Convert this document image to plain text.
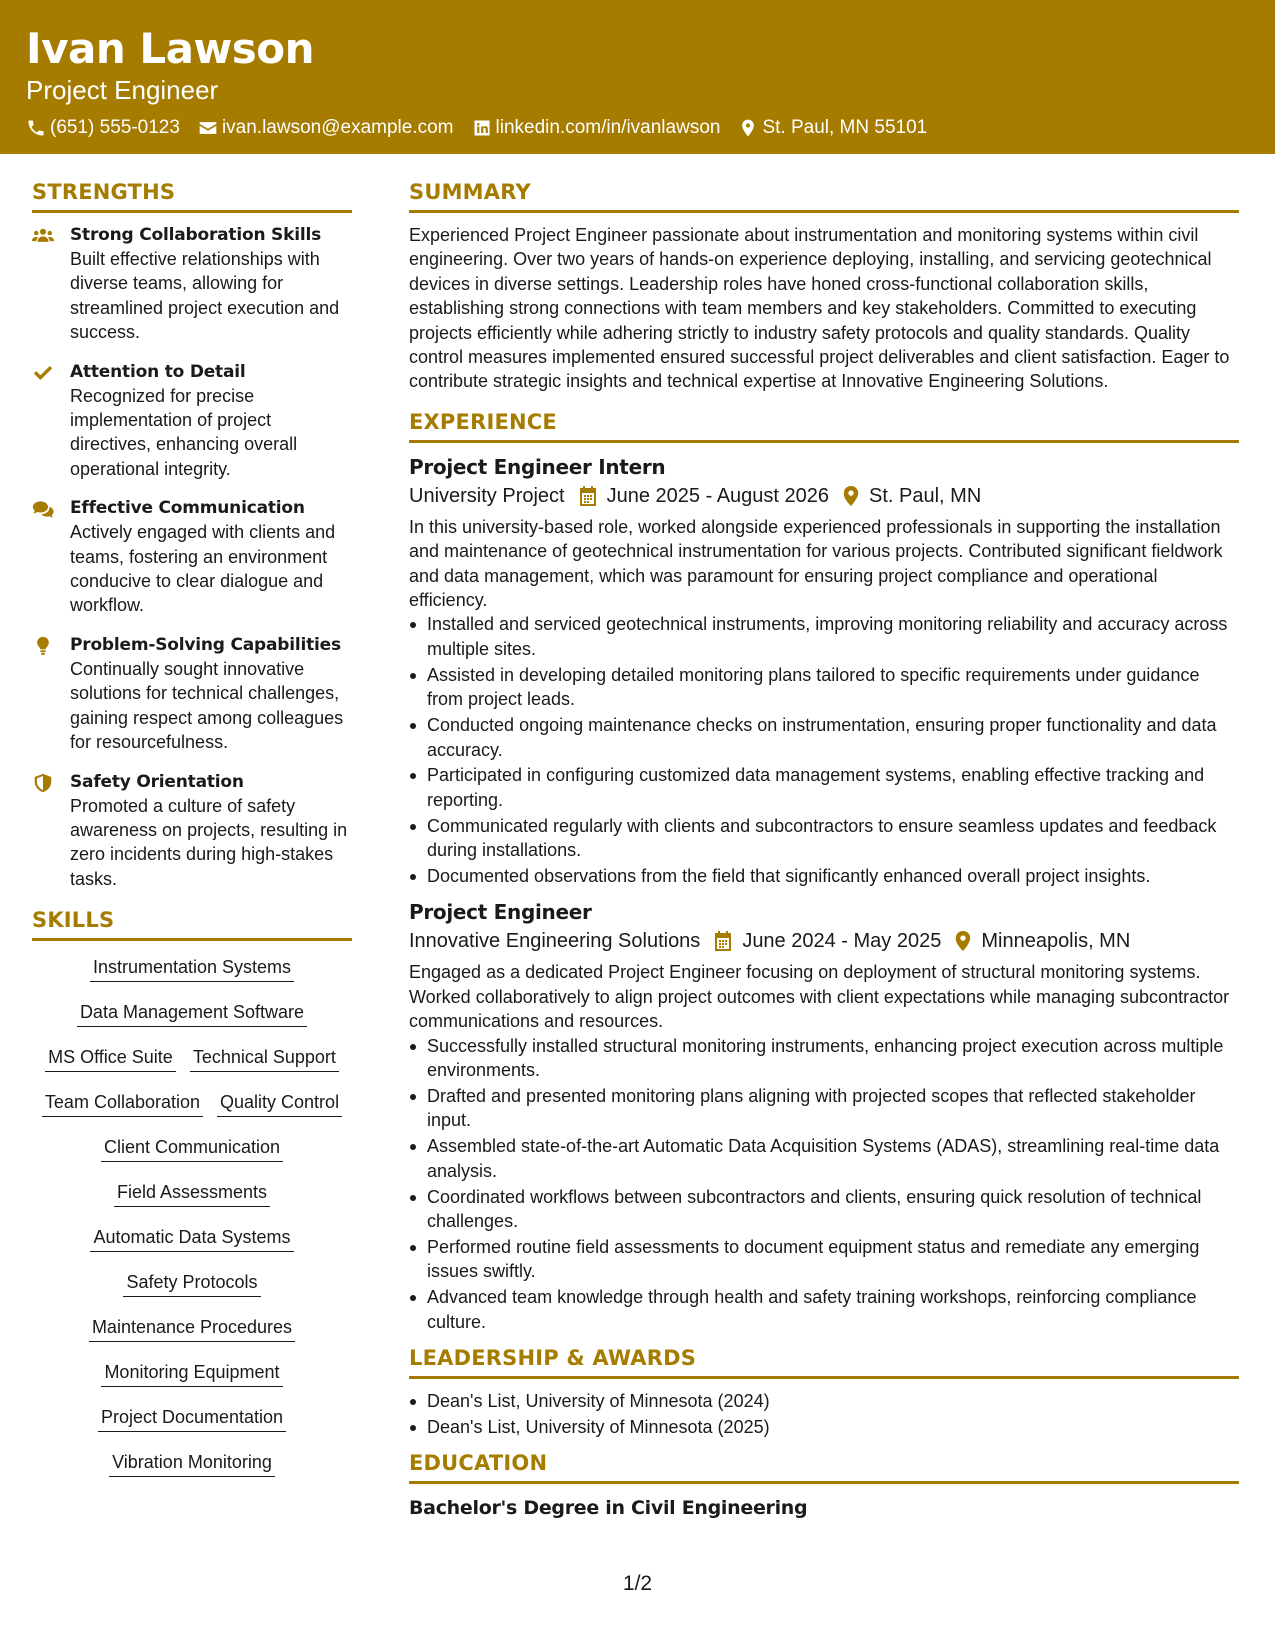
Ivan Lawson
Project Engineer
(651) 555-0123 ivan.lawson@example.com linkedin.com/in/ivanlawson St. Paul, MN 55101
STRENGTHS
Strong Collaboration Skills
Built effective relationships with diverse teams, allowing for streamlined project execution and success.
Attention to Detail
Recognized for precise implementation of project directives, enhancing overall operational integrity.
Effective Communication
Actively engaged with clients and teams, fostering an environment conducive to clear dialogue and workflow.
Problem-Solving Capabilities
Continually sought innovative solutions for technical challenges, gaining respect among colleagues for resourcefulness.
Safety Orientation
Promoted a culture of safety awareness on projects, resulting in zero incidents during high-stakes tasks.
SKILLS
Instrumentation Systems
Data Management Software
MS Office Suite Technical Support
Team Collaboration Quality Control
Client Communication
Field Assessments
Automatic Data Systems
Safety Protocols
Maintenance Procedures
Monitoring Equipment
Project Documentation
Vibration Monitoring
SUMMARY

Experienced Project Engineer passionate about instrumentation and monitoring systems within civil engineering. Over two years of hands-on experience deploying, installing, and servicing geotechnical devices in diverse settings. Leadership roles have honed cross-functional collaboration skills, establishing strong connections with team members and key stakeholders. Committed to executing projects efficiently while adhering strictly to industry safety protocols and quality standards. Quality control measures implemented ensured successful project deliverables and client satisfaction. Eager to contribute strategic insights and technical expertise at Innovative Engineering Solutions.

EXPERIENCE
Project Engineer Intern
University Project June 2025 - August 2026 St. Paul, MN

In this university-based role, worked alongside experienced professionals in supporting the installation and maintenance of geotechnical instrumentation for various projects. Contributed significant fieldwork and data management, which was paramount for ensuring project compliance and operational efficiency.

Installed and serviced geotechnical instruments, improving monitoring reliability and accuracy across multiple sites.
Assisted in developing detailed monitoring plans tailored to specific requirements under guidance from project leads.
Conducted ongoing maintenance checks on instrumentation, ensuring proper functionality and data accuracy.
Participated in configuring customized data management systems, enabling effective tracking and reporting.
Communicated regularly with clients and subcontractors to ensure seamless updates and feedback during installations.
Documented observations from the field that significantly enhanced overall project insights.
Project Engineer
Innovative Engineering Solutions June 2024 - May 2025 Minneapolis, MN

Engaged as a dedicated Project Engineer focusing on deployment of structural monitoring systems. Worked collaboratively to align project outcomes with client expectations while managing subcontractor communications and resources.

Successfully installed structural monitoring instruments, enhancing project execution across multiple environments.
Drafted and presented monitoring plans aligning with projected scopes that reflected stakeholder input.
Assembled state-of-the-art Automatic Data Acquisition Systems (ADAS), streamlining real-time data analysis.
Coordinated workflows between subcontractors and clients, ensuring quick resolution of technical challenges.
Performed routine field assessments to document equipment status and remediate any emerging issues swiftly.
Advanced team knowledge through health and safety training workshops, reinforcing compliance culture.
LEADERSHIP & AWARDS
Dean's List, University of Minnesota (2024)
Dean's List, University of Minnesota (2025)
EDUCATION
Bachelor's Degree in Civil Engineering
1/2
